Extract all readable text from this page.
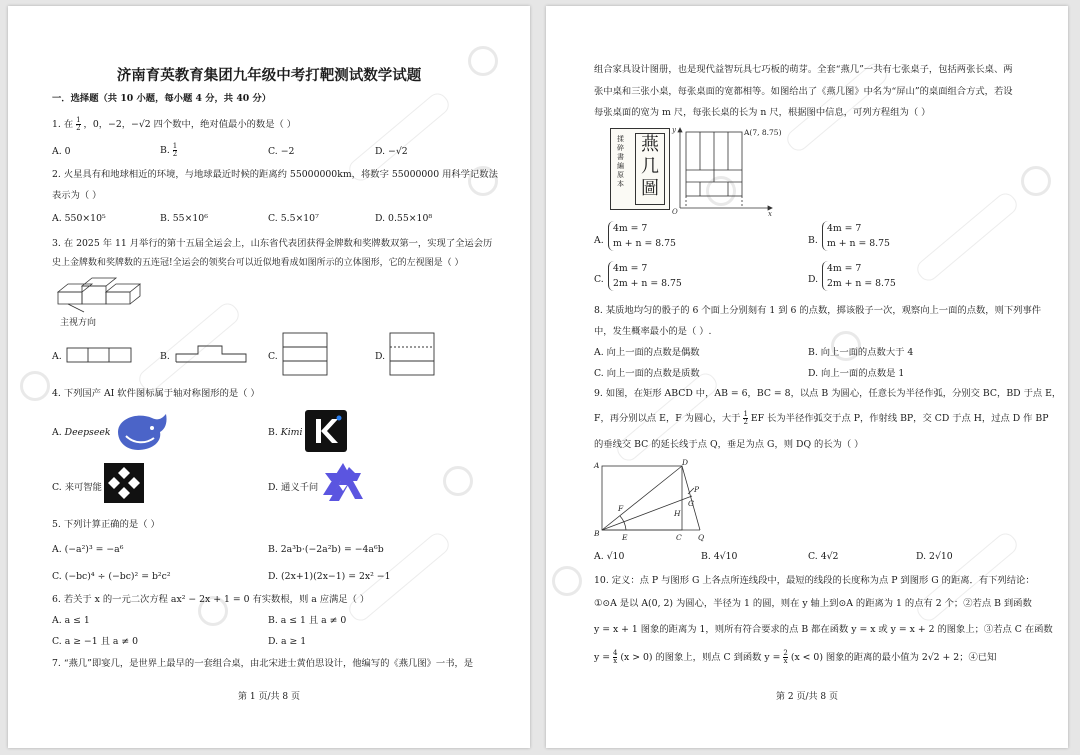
济南育英教育集团九年级中考打靶测试数学试题
一．选择题（共 10 小题，每小题 4 分，共 40 分）
1. 在 $\frac{1}{2}$ ，0，−2，−√2 四个数中，绝对值最小的数是（ ）
A. 0	B. $\frac{1}{2}$	C. −2	D. −√2
2. 火星具有和地球相近的环境，与地球最近时候的距离约 55000000km，将数字 55000000 用科学记数法
表示为（ ）
A. 550×10⁵	B. 55×10⁶	C. 5.5×10⁷	D. 0.55×10⁸
3. 在 2025 年 11 月举行的第十五届全运会上，山东省代表团获得金牌数和奖牌数双第一，实现了全运会历
史上金牌数和奖牌数的五连冠!全运会的领奖台可以近似地看成如图所示的立体图形，它的左视图是（ ）
主视方向
A.	B.	C.	D.
4. 下列国产 AI 软件图标属于轴对称图形的是（ ）
A. Deepseek	B. Kimi
C. 来可智能	D. 通义千问
5. 下列计算正确的是（ ）
A. (−a²)³ = −a⁶	B. 2a³b·(−2a²b) = −4a⁶b
C. (−bc)⁴ ÷ (−bc)² = b²c²	D. (2x+1)(2x−1) = 2x² −1
6. 若关于 x 的一元二次方程 ax² − 2x + 1 = 0 有实数根，则 a 应满足（ ）
A. a ≤ 1	B. a ≤ 1 且 a ≠ 0
C. a ≥ −1 且 a ≠ 0	D. a ≥ 1
7. “燕几”即宴几，是世界上最早的一套组合桌，由北宋进士黄伯思设计，他编写的《燕几图》一书，是
第 1 页/共 8 页
组合家具设计图册，也是现代益智玩具七巧板的萌芽。全套“燕几”一共有七张桌子，包括两张长桌、两
张中桌和三张小桌，每张桌面的宽都相等。如图给出了《燕几图》中名为“屏山”的桌面组合方式，若设
每张桌面的宽为 m 尺，每张长桌的长为 n 尺，根据图中信息，可列方程组为（ ）
揉 碎 書 編 原 本
燕几圖
y
O	x
A(7, 8.75)
A.
4m = 7
m + n = 8.75	B.
4m = 7
m + n = 8.75
C.
4m = 7
2m + n = 8.75	D.
4m = 7
2m + n = 8.75
8. 某质地均匀的骰子的 6 个面上分别刻有 1 到 6 的点数，掷该骰子一次，观察向上一面的点数，则下列事件
中，发生概率最小的是（ ）.
A. 向上一面的点数是偶数	B. 向上一面的点数大于 4
C. 向上一面的点数是质数	D. 向上一面的点数是 1
9. 如图，在矩形 ABCD 中，AB = 6，BC = 8，以点 B 为圆心，任意长为半径作弧，分别交 BC，BD 于点 E，
F，再分别以点 E，F 为圆心，大于 $\frac{1}{2}$ EF 长为半径作弧交于点 P，作射线 BP，交 CD 于点 H，过点 D 作 BP
的垂线交 BC 的延长线于点 Q，垂足为点 G，则 DQ 的长为（ ）
A	D
B	C Q
E
F
G
H
P
A. √10	B. 4√10	C. 4√2	D. 2√10
10. 定义：点 P 与图形 G 上各点所连线段中，最短的线段的长度称为点 P 到图形 G 的距离．有下列结论：
①⊙A 是以 A(0, 2) 为圆心，半径为 1 的圆，则在 y 轴上到⊙A 的距离为 1 的点有 2 个；②若点 B 到函数
y = x + 1 图象的距离为 1，则所有符合要求的点 B 都在函数 y = x 或 y = x + 2 的图象上；③若点 C 在函数
$y = \frac{4}{x} (x > 0)$ 的图象上，则点 C 到函数 $y = \frac{2}{x} (x < 0)$ 图象的距离的最小值为 2√2 + 2；④已知
第 2 页/共 8 页
